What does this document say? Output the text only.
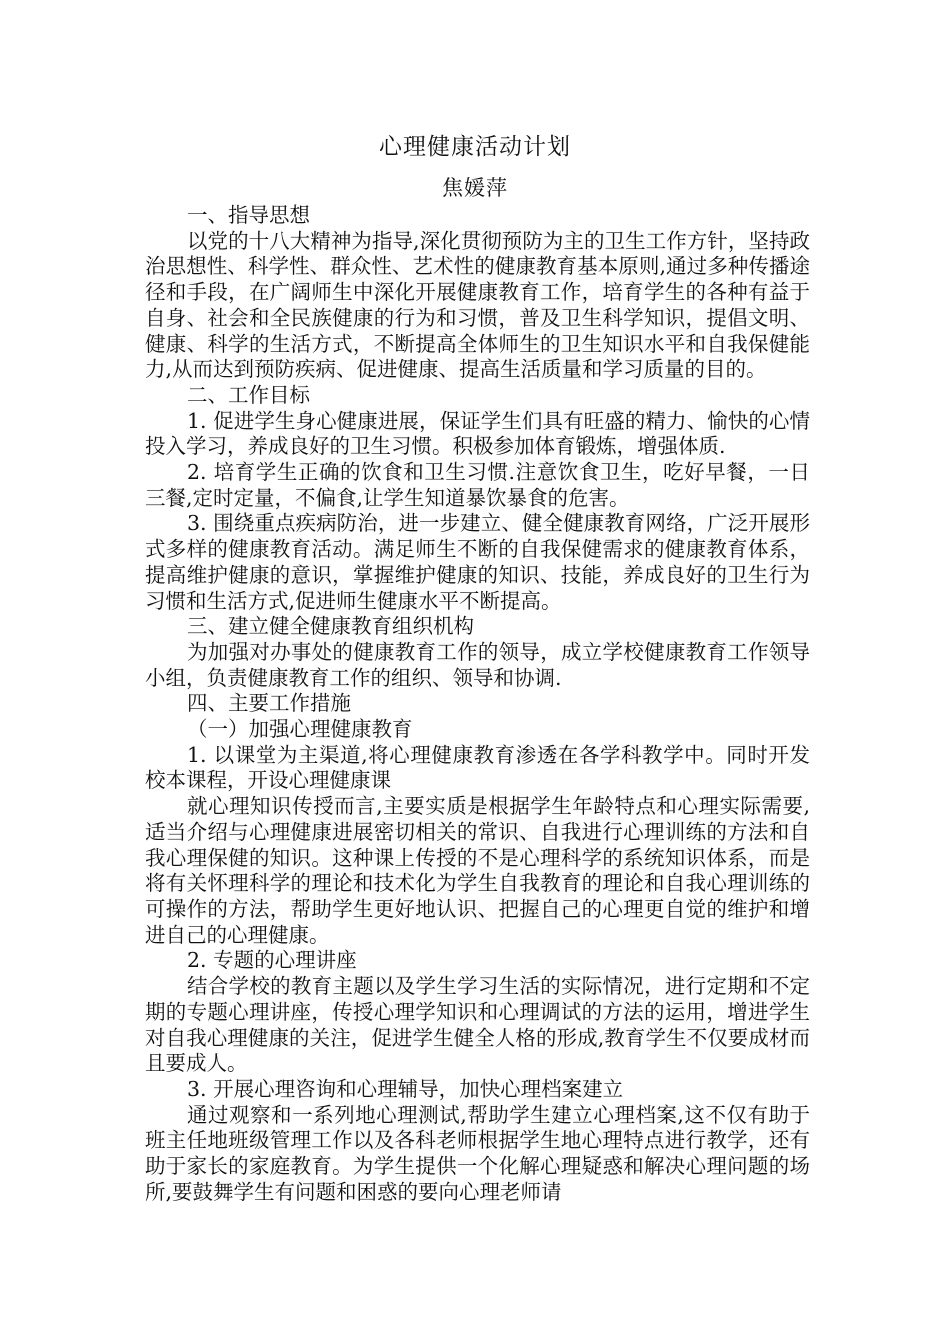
心理健康活动计划
焦媛萍

一、指导思想

以党的十八大精神为指导,深化贯彻预防为主的卫生工作方针，坚持政治思想性、科学性、群众性、艺术性的健康教育基本原则,通过多种传播途径和手段，在广阔师生中深化开展健康教育工作，培育学生的各种有益于自身、社会和全民族健康的行为和习惯，普及卫生科学知识，提倡文明、健康、科学的生活方式，不断提高全体师生的卫生知识水平和自我保健能力,从而达到预防疾病、促进健康、提高生活质量和学习质量的目的。

二、工作目标

1. 促进学生身心健康进展，保证学生们具有旺盛的精力、愉快的心情投入学习，养成良好的卫生习惯。积极参加体育锻炼，增强体质.

2. 培育学生正确的饮食和卫生习惯.注意饮食卫生，吃好早餐，一日三餐,定时定量，不偏食,让学生知道暴饮暴食的危害。

3. 围绕重点疾病防治，进一步建立、健全健康教育网络，广泛开展形式多样的健康教育活动。满足师生不断的自我保健需求的健康教育体系，提高维护健康的意识，掌握维护健康的知识、技能，养成良好的卫生行为习惯和生活方式,促进师生健康水平不断提高。

三、建立健全健康教育组织机构

为加强对办事处的健康教育工作的领导，成立学校健康教育工作领导小组，负责健康教育工作的组织、领导和协调.

四、主要工作措施

（一）加强心理健康教育

1. 以课堂为主渠道,将心理健康教育渗透在各学科教学中。同时开发校本课程，开设心理健康课

就心理知识传授而言,主要实质是根据学生年龄特点和心理实际需要,适当介绍与心理健康进展密切相关的常识、自我进行心理训练的方法和自我心理保健的知识。这种课上传授的不是心理科学的系统知识体系，而是将有关怀理科学的理论和技术化为学生自我教育的理论和自我心理训练的可操作的方法，帮助学生更好地认识、把握自己的心理更自觉的维护和增进自己的心理健康。

2. 专题的心理讲座

结合学校的教育主题以及学生学习生活的实际情况，进行定期和不定期的专题心理讲座，传授心理学知识和心理调试的方法的运用，增进学生对自我心理健康的关注，促进学生健全人格的形成,教育学生不仅要成材而且要成人。

3. 开展心理咨询和心理辅导，加快心理档案建立

通过观察和一系列地心理测试,帮助学生建立心理档案,这不仅有助于班主任地班级管理工作以及各科老师根据学生地心理特点进行教学，还有助于家长的家庭教育。为学生提供一个化解心理疑惑和解决心理问题的场所,要鼓舞学生有问题和困惑的要向心理老师请
